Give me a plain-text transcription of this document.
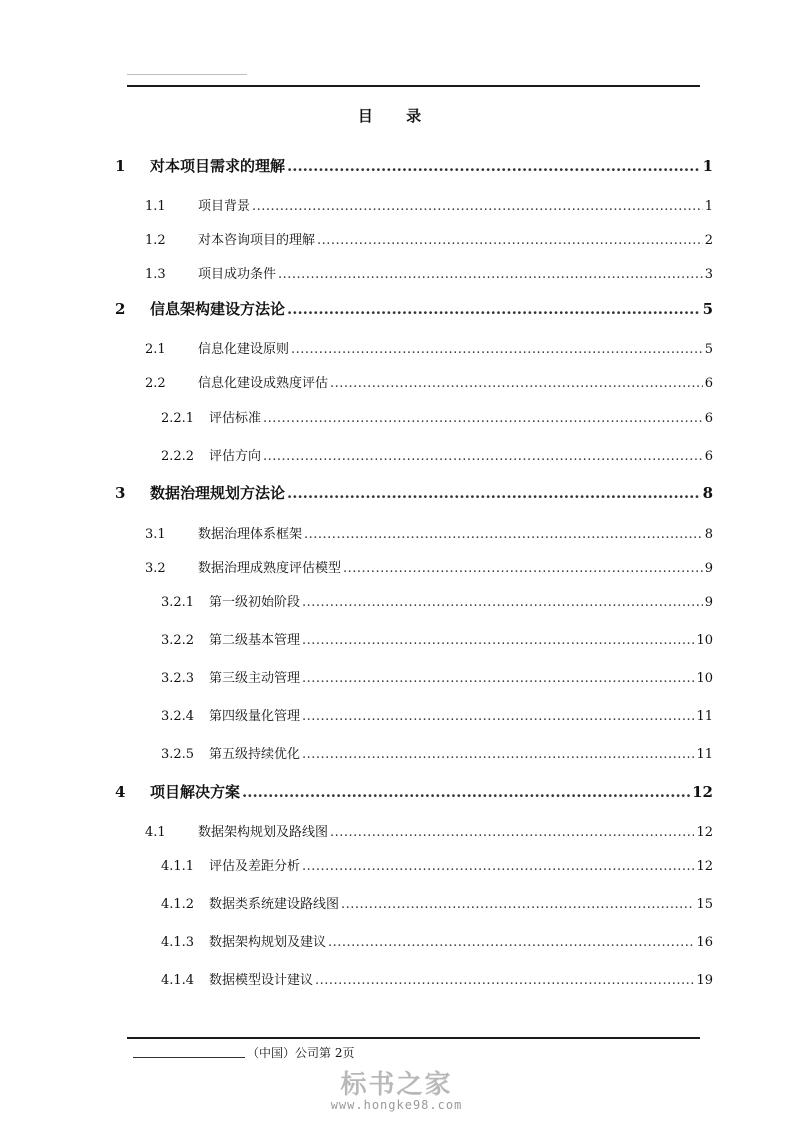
目 录
1	对本项目需求的理解 .....	1
1.1	项目背景 .....	1
1.2	对本咨询项目的理解 .....	2
1.3	项目成功条件 .....	3
2	信息架构建设方法论 .....	5
2.1	信息化建设原则 .....	5
2.2	信息化建设成熟度评估 .....	6
2.2.1	评估标准 .....	6
2.2.2	评估方向 .....	6
3	数据治理规划方法论 .....	8
3.1	数据治理体系框架 .....	8
3.2	数据治理成熟度评估模型 .....	9
3.2.1	第一级初始阶段 .....	9
3.2.2	第二级基本管理 .....	10
3.2.3	第三级主动管理 .....	10
3.2.4	第四级量化管理 .....	11
3.2.5	第五级持续优化 .....	11
4	项目解决方案 .....	12
4.1	数据架构规划及路线图 .....	12
4.1.1	评估及差距分析 .....	12
4.1.2	数据类系统建设路线图 .....	15
4.1.3	数据架构规划及建议 .....	16
4.1.4	数据模型设计建议 .....	19
（中国）公司第 2页
标书之家
www.hongke98.com
